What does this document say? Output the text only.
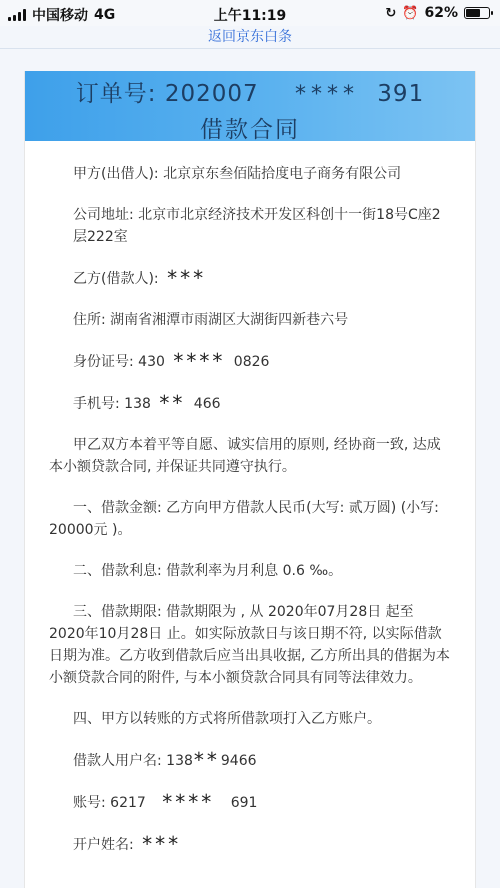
中国移动 4G	上午11:19	↻ ⏰ 62%
返回京东白条
订单号: 202007 **** 391
借款合同
甲方(出借人): 北京京东叁佰陆拾度电子商务有限公司
公司地址: 北京市北京经济技术开发区科创十一街18号C座2层222室
乙方(借款人): ***
住所: 湖南省湘潭市雨湖区大湖街四新巷六号
身份证号: 430 **** 0826
手机号: 138 ** 466
甲乙双方本着平等自愿、诚实信用的原则, 经协商一致, 达成本小额贷款合同, 并保证共同遵守执行。
一、借款金额: 乙方向甲方借款人民币(大写: 贰万圆) (小写: 20000元 )。
二、借款利息: 借款利率为月利息 0.6 ‰。
三、借款期限: 借款期限为 , 从 2020年07月28日 起至 2020年10月28日 止。如实际放款日与该日期不符, 以实际借款日期为准。乙方收到借款后应当出具收据, 乙方所出具的借据为本小额贷款合同的附件, 与本小额贷款合同具有同等法律效力。
四、甲方以转账的方式将所借款项打入乙方账户。
借款人用户名: 138**9466
账号: 6217 **** 691
开户姓名: ***
